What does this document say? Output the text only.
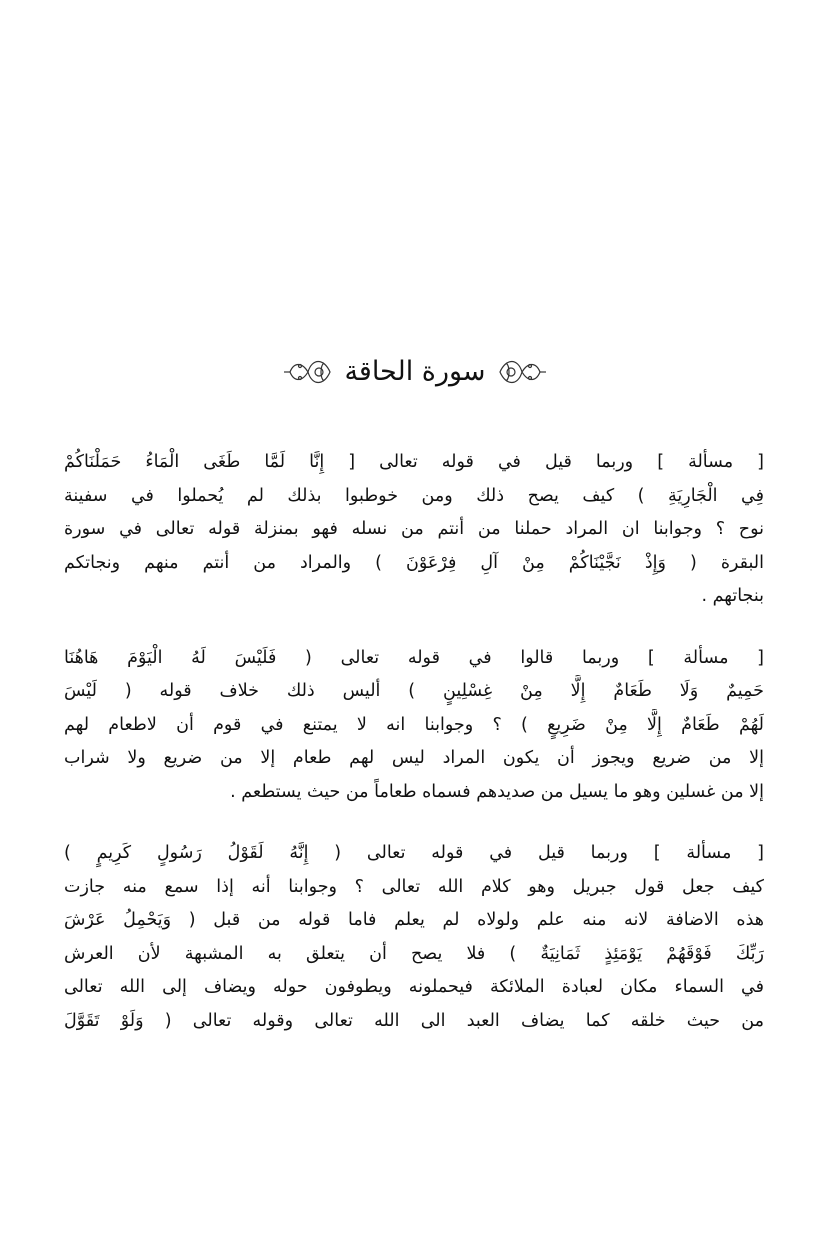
سورة الحاقة
[ مسألة ] وربما قيل في قوله تعالى [ إِنَّا لَمَّا طَغَى الْمَاءُ حَمَلْنَاكُمْ
فِي الْجَارِيَةِ ) كيف يصح ذلك ومن خوطبوا بذلك لم يُحملوا في سفينة
نوح ؟ وجوابنا ان المراد حملنا من أنتم من نسله فهو بمنزلة قوله تعالى في سورة
البقرة ( وَإِذْ نَجَّيْنَاكُمْ مِنْ آلِ فِرْعَوْنَ ) والمراد من أنتم منهم ونجاتكم
بنجاتهم .
[ مسألة ] وربما قالوا في قوله تعالى ( فَلَيْسَ لَهُ الْيَوْمَ هَاهُنَا
حَمِيمٌ وَلَا طَعَامٌ إِلَّا مِنْ غِسْلِينٍ ) أليس ذلك خلاف قوله ( لَيْسَ
لَهُمْ طَعَامٌ إِلَّا مِنْ ضَرِيعٍ ) ؟ وجوابنا انه لا يمتنع في قوم أن لاطعام لهم
إلا من ضريع ويجوز أن يكون المراد ليس لهم طعام إلا من ضريع ولا شراب
إلا من غسلين وهو ما يسيل من صديدهم فسماه طعاماً من حيث يستطعم .
[ مسألة ] وربما قيل في قوله تعالى ( إِنَّهُ لَقَوْلُ رَسُولٍ كَرِيمٍ )
كيف جعل قول جبريل وهو كلام الله تعالى ؟ وجوابنا أنه إذا سمع منه جازت
هذه الاضافة لانه منه علم ولولاه لم يعلم فاما قوله من قبل ( وَيَحْمِلُ عَرْشَ
رَبِّكَ فَوْقَهُمْ يَوْمَئِذٍ ثَمَانِيَةٌ ) فلا يصح أن يتعلق به المشبهة لأن العرش
في السماء مكان لعبادة الملائكة فيحملونه ويطوفون حوله ويضاف إلى الله تعالى
من حيث خلقه كما يضاف العبد الى الله تعالى وقوله تعالى ( وَلَوْ تَقَوَّلَ
